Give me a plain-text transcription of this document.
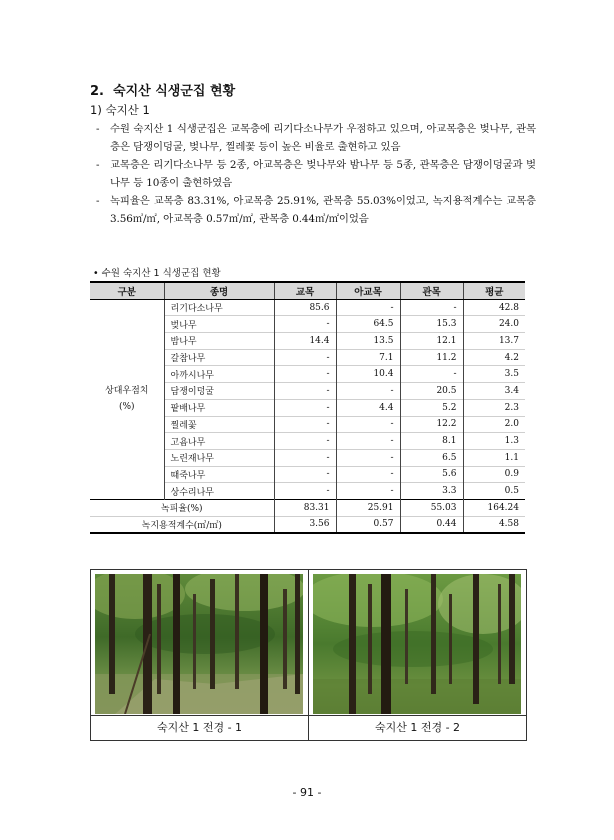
2. 숙지산 식생군집 현황
1) 숙지산 1
-	수원 숙지산 1 식생군집은 교목층에 리기다소나무가 우점하고 있으며, 아교목층은 벚나무, 관목층은 담쟁이덩굴, 벚나무, 찔레꽃 등이 높은 비율로 출현하고 있음
-	교목층은 리기다소나무 등 2종, 아교목층은 벚나무와 밤나무 등 5종, 관목층은 담쟁이덩굴과 벚나무 등 10종이 출현하였음
-	녹피율은 교목층 83.31%, 아교목층 25.91%, 관목층 55.03%이었고, 녹지용적계수는 교목층 3.56㎥/㎡, 아교목층 0.57㎥/㎡, 관목층 0.44㎥/㎡이었음
• 수원 숙지산 1 식생군집 현황
구분	종명	교목	아교목	관목	평균

상대우점치
(%)	리기다소나무	85.6	-	-	42.8
	벚나무	-	64.5	15.3	24.0
	밤나무	14.4	13.5	12.1	13.7
	갈참나무	-	7.1	11.2	4.2
	아까시나무	-	10.4	-	3.5
	담쟁이덩굴	-	-	20.5	3.4
	팥배나무	-	4.4	5.2	2.3
	찔레꽃	-	-	12.2	2.0
	고욤나무	-	-	8.1	1.3
	노린재나무	-	-	6.5	1.1
	때죽나무	-	-	5.6	0.9
	상수리나무	-	-	3.3	0.5
녹피율(%)		83.31	25.91	55.03	164.24
녹지용적계수(㎥/㎡)		3.56	0.57	0.44	4.58
숙지산 1 전경 - 1	숙지산 1 전경 - 2
- 91 -
